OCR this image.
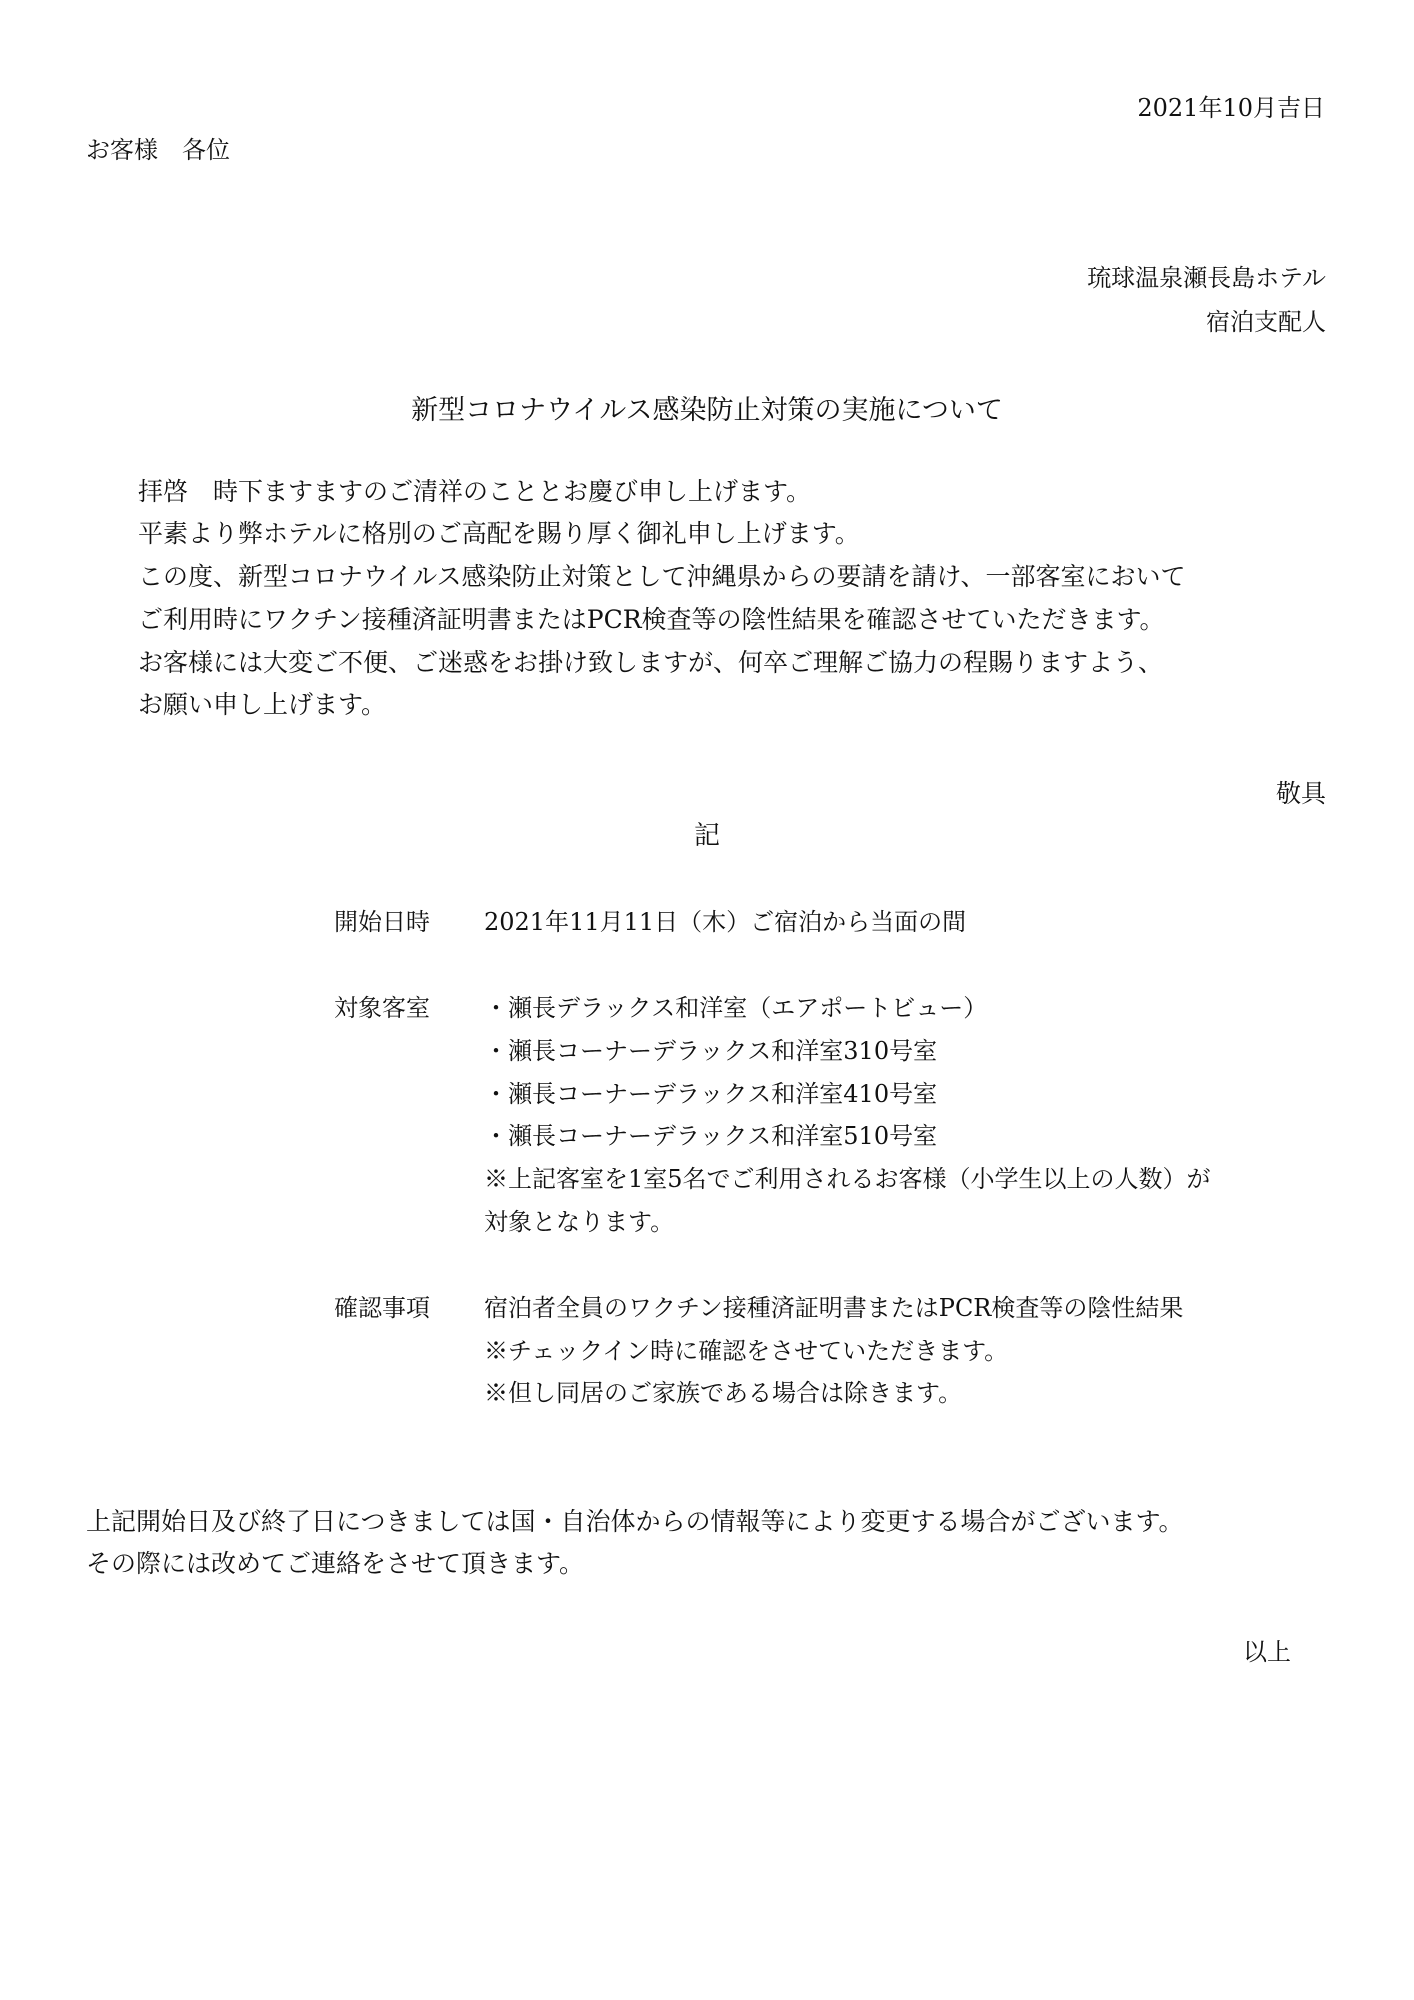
2021年10月吉日
お客様　各位
琉球温泉瀬長島ホテル
宿泊支配人
新型コロナウイルス感染防止対策の実施について
拝啓　時下ますますのご清祥のこととお慶び申し上げます。
平素より弊ホテルに格別のご高配を賜り厚く御礼申し上げます。
この度、新型コロナウイルス感染防止対策として沖縄県からの要請を請け、一部客室において
ご利用時にワクチン接種済証明書またはPCR検査等の陰性結果を確認させていただきます。
お客様には大変ご不便、ご迷惑をお掛け致しますが、何卒ご理解ご協力の程賜りますよう、
お願い申し上げます。
敬具
記
開始日時 2021年11月11日（木）ご宿泊から当面の間
対象客室 ・瀬長デラックス和洋室（エアポートビュー）
・瀬長コーナーデラックス和洋室310号室
・瀬長コーナーデラックス和洋室410号室
・瀬長コーナーデラックス和洋室510号室
※上記客室を1室5名でご利用されるお客様（小学生以上の人数）が
対象となります。
確認事項 宿泊者全員のワクチン接種済証明書またはPCR検査等の陰性結果
※チェックイン時に確認をさせていただきます。
※但し同居のご家族である場合は除きます。
上記開始日及び終了日につきましては国・自治体からの情報等により変更する場合がございます。
その際には改めてご連絡をさせて頂きます。
以上
